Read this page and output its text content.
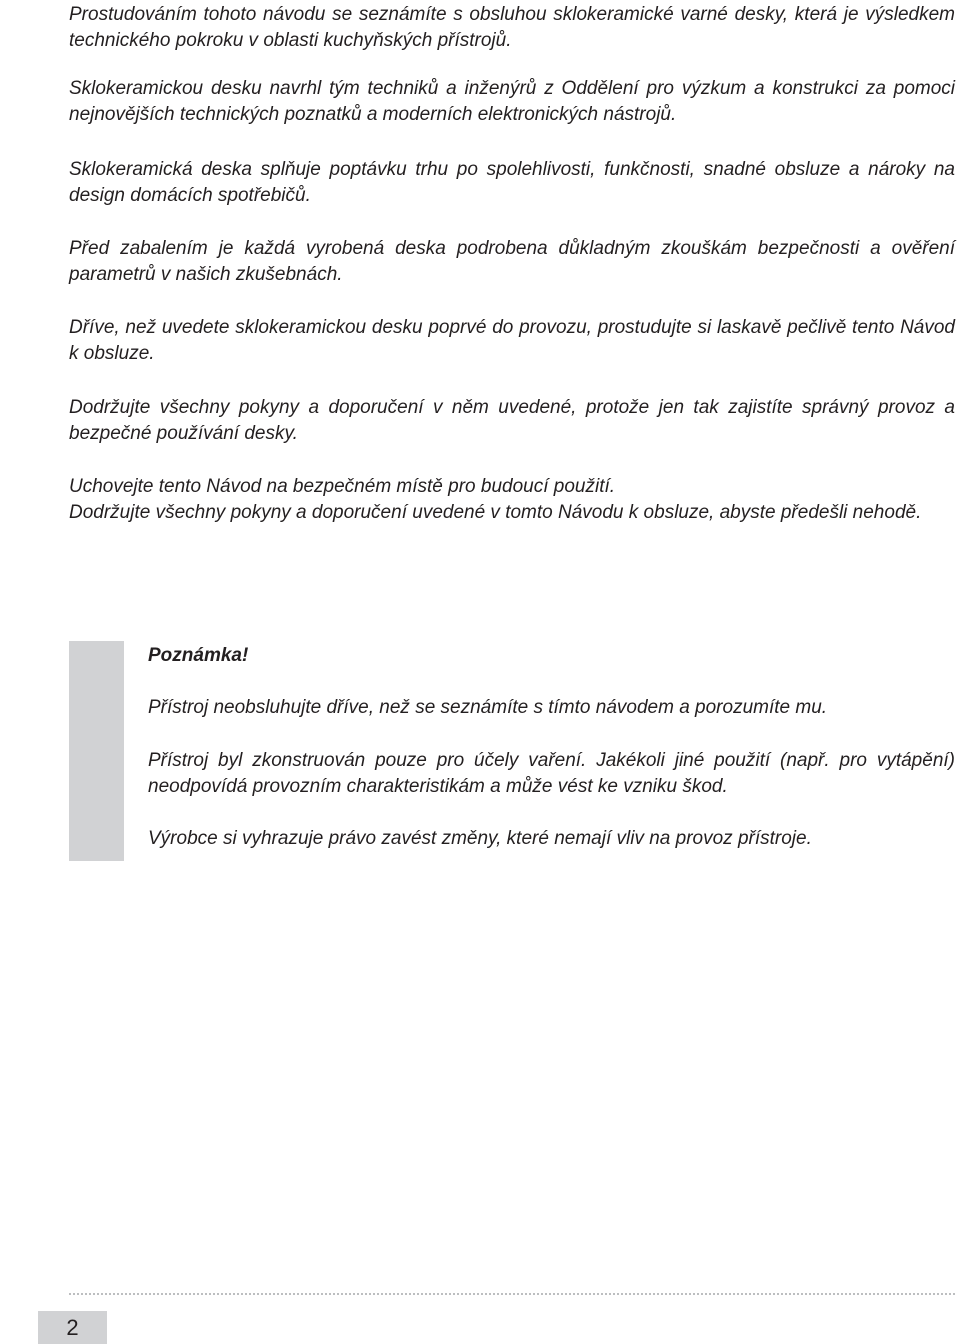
Prostudováním tohoto návodu se seznámíte s obsluhou sklokeramické varné desky, která je výsledkem technického pokroku v oblasti kuchyňských přístrojů.

Sklokeramickou desku navrhl tým techniků a inženýrů z Oddělení pro výzkum a konstrukci za pomoci nejnovějších technických poznatků a moderních elektronických nástrojů.

Sklokeramická deska splňuje poptávku trhu po spolehlivosti, funkčnosti, snadné obsluze a nároky na design domácích spotřebičů.

Před zabalením je každá vyrobená deska podrobena důkladným zkouškám bezpečnosti a ověření parametrů v našich zkušebnách.

Dříve, než uvedete sklokeramickou desku poprvé do provozu, prostudujte si laskavě pečlivě tento Návod k obsluze.

Dodržujte všechny pokyny a doporučení v něm uvedené, protože jen tak zajistíte správný provoz a bezpečné používání desky.

Uchovejte tento Návod na bezpečném místě pro budoucí použití.

Dodržujte všechny pokyny a doporučení uvedené v tomto Návodu k obsluze, abyste předešli nehodě.

Poznámka!

Přístroj neobsluhujte dříve, než se seznámíte s tímto návodem a porozumíte mu.

Přístroj byl zkonstruován pouze pro účely vaření. Jakékoli jiné použití (např. pro vytápění) neodpovídá provozním charakteristikám a může vést ke vzniku škod.

Výrobce si vyhrazuje právo zavést změny, které nemají vliv na provoz přístroje.

2
